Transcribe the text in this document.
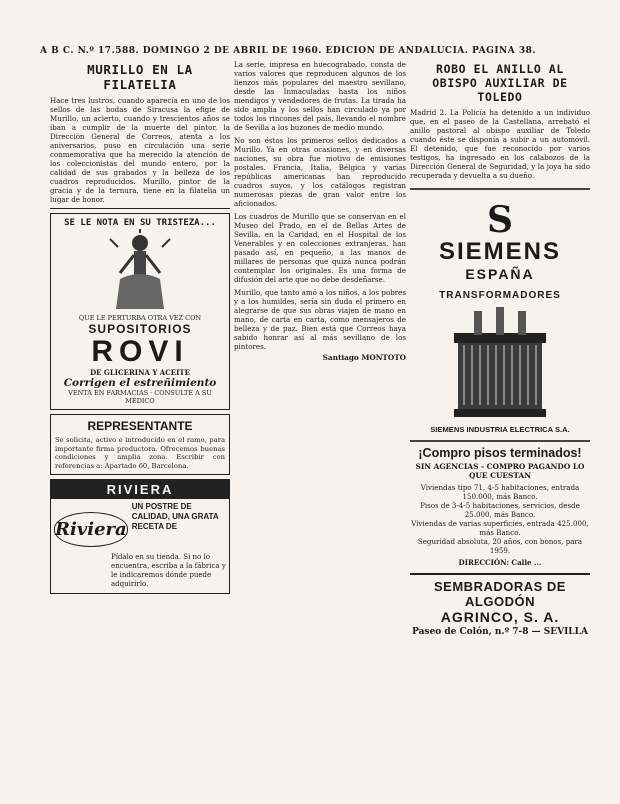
A B C. N.º 17.588. DOMINGO 2 DE ABRIL DE 1960. EDICION DE ANDALUCIA. PAGINA 38.
MURILLO EN LA FILATELIA
Hace tres lustros, cuando aparecía en uno de los sellos de las bodas de Siracusa la efigie de Murillo, un acierto, cuando y trescientos años se iban a cumplir de la muerte del pintor, la Dirección General de Correos, atenta a los aniversarios, puso en circulación una serie conmemorativa que ha merecido la atención de los coleccionistas del mundo entero, por la calidad de sus grabados y la belleza de los cuadros reproducidos. Murillo, pintor de la gracia y de la ternura, tiene en la filatelia un lugar de honor.
SE LE NOTA EN SU TRISTEZA...
QUE LE PERTURBA OTRA VEZ CON
SUPOSITORIOS
ROVI
DE GLICERINA Y ACEITE
Corrigen el estreñimiento
VENTA EN FARMACIAS · CONSULTE A SU MÉDICO
REPRESENTANTE

Se solicita, activo e introducido en el ramo, para importante firma productora. Ofrecemos buenas condiciones y amplia zona. Escribir con referencias a: Apartado 60, Barcelona.

RIVIERA
Riviera
UN POSTRE DE CALIDAD, UNA GRATA RECETA DE
Pídalo en su tienda. Si no lo encuentra, escriba a la fábrica y le indicaremos dónde puede adquirirlo.
La serie, impresa en huecograbado, consta de varios valores que reproducen algunos de los lienzos más populares del maestro sevillano, desde las Inmaculadas hasta los niños mendigos y vendedores de frutas. La tirada ha sido amplia y los sellos han circulado ya por todos los rincones del país, llevando el nombre de Sevilla a los buzones de medio mundo.
No son éstos los primeros sellos dedicados a Murillo. Ya en otras ocasiones, y en diversas naciones, su obra fue motivo de emisiones postales. Francia, Italia, Bélgica y varias repúblicas americanas han reproducido cuadros suyos, y los catálogos registran numerosas piezas de gran valor entre los aficionados.
Los cuadros de Murillo que se conservan en el Museo del Prado, en el de Bellas Artes de Sevilla, en la Caridad, en el Hospital de los Venerables y en colecciones extranjeras, han pasado así, en pequeño, a las manos de millares de personas que quizá nunca podrán contemplar los originales. Es una forma de difusión del arte que no debe desdeñarse.
Murillo, que tanto amó a los niños, a los pobres y a los humildes, sería sin duda el primero en alegrarse de que sus obras viajen de mano en mano, de carta en carta, como mensajeros de belleza y de paz. Bien está que Correos haya sabido honrar así al más sevillano de los pintores.
Santiago MONTOTO
ROBO EL ANILLO AL OBISPO AUXILIAR DE TOLEDO
Madrid 2. La Policía ha detenido a un individuo que, en el paseo de la Castellana, arrebató el anillo pastoral al obispo auxiliar de Toledo cuando éste se disponía a subir a un automóvil. El detenido, que fue reconocido por varios testigos, ha ingresado en los calabozos de la Dirección General de Seguridad, y la joya ha sido recuperada y devuelta a su dueño.
S
SIEMENS
ESPAÑA
TRANSFORMADORES
SIEMENS INDUSTRIA ELECTRICA S.A.
¡Compro pisos terminados!
SIN AGENCIAS - COMPRO PAGANDO LO QUE CUESTAN
Viviendas tipo 71, 4-5 habitaciones, entrada 150.000, más Banco.
Pisos de 3-4-5 habitaciones, servicios, desde 25.000, más Banco.
Viviendas de varias superficies, entrada 425.000, más Banco.
Seguridad absoluta, 20 años, con bonos, para 1959.
DIRECCIÓN: Calle ...
SEMBRADORAS DE ALGODÓN
AGRINCO, S. A.
Paseo de Colón, n.º 7-8 — SEVILLA
